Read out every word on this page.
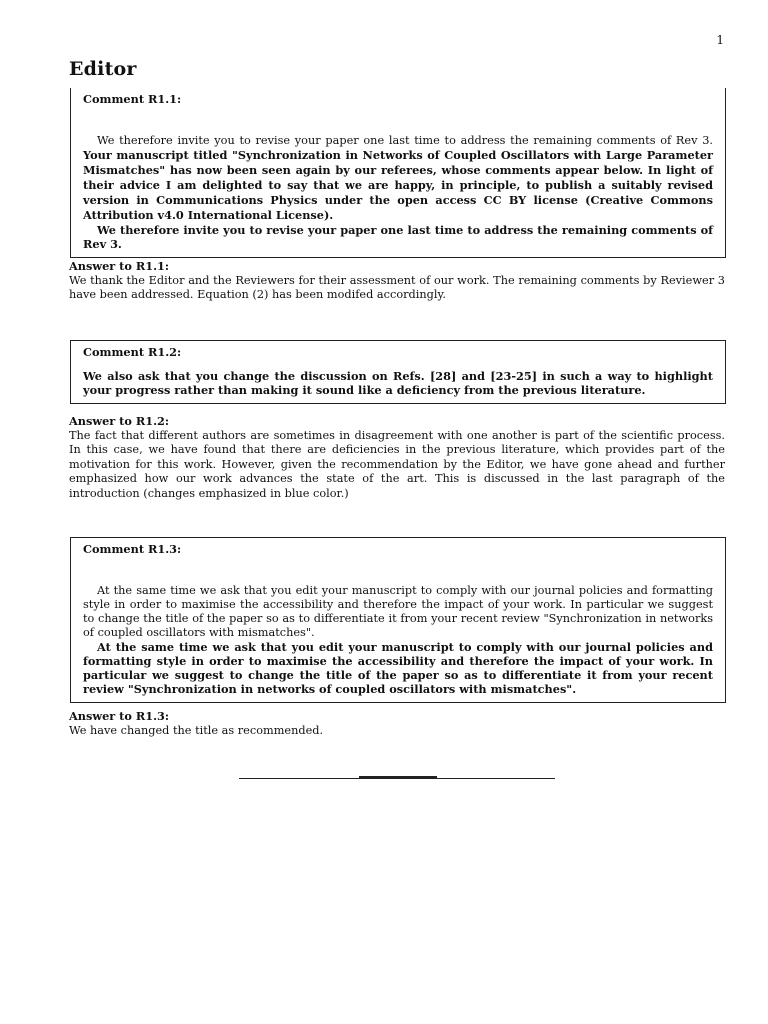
1
Editor
Comment R1.1:

We therefore invite you to revise your paper one last time to address the remaining comments of Rev 3. Your manuscript titled "Synchronization in Networks of Coupled Oscillators with Large Parameter Mismatches" has now been seen again by our referees, whose comments appear below. In light of their advice I am delighted to say that we are happy, in principle, to publish a suitably revised version in Communications Physics under the open access CC BY license (Creative Commons Attribution v4.0 International License).

We therefore invite you to revise your paper one last time to address the remaining comments of Rev 3.

Answer to R1.1:

We thank the Editor and the Reviewers for their assessment of our work. The remaining comments by Reviewer 3 have been addressed. Equation (2) has been modifed accordingly.

Comment R1.2:

We also ask that you change the discussion on Refs. [28] and [23-25] in such a way to highlight your progress rather than making it sound like a deficiency from the previous literature.

Answer to R1.2:

The fact that different authors are sometimes in disagreement with one another is part of the scientific process. In this case, we have found that there are deficiencies in the previous literature, which provides part of the motivation for this work. However, given the recommendation by the Editor, we have gone ahead and further emphasized how our work advances the state of the art. This is discussed in the last paragraph of the introduction (changes emphasized in blue color.)

Comment R1.3:

At the same time we ask that you edit your manuscript to comply with our journal policies and formatting style in order to maximise the accessibility and therefore the impact of your work. In particular we suggest to change the title of the paper so as to differentiate it from your recent review "Synchronization in networks of coupled oscillators with mismatches".

At the same time we ask that you edit your manuscript to comply with our journal policies and formatting style in order to maximise the accessibility and therefore the impact of your work. In particular we suggest to change the title of the paper so as to differentiate it from your recent review "Synchronization in networks of coupled oscillators with mismatches".

Answer to R1.3:

We have changed the title as recommended.
